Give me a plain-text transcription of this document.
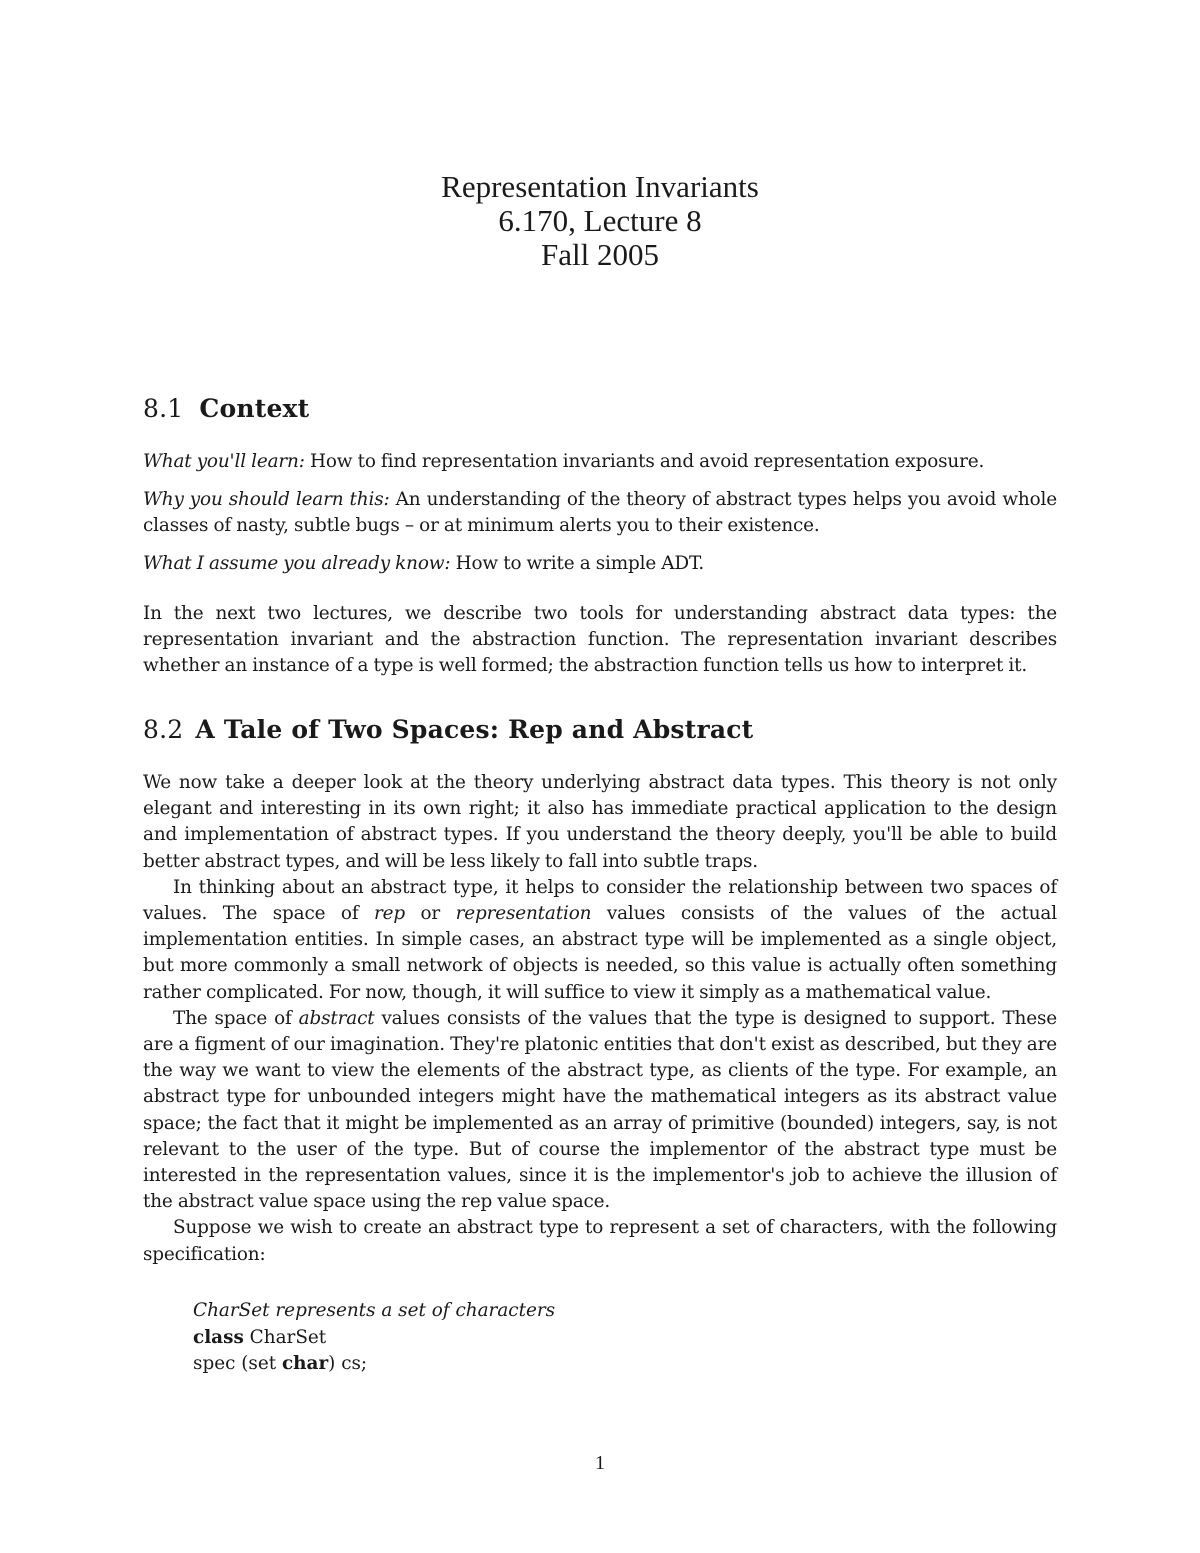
Representation Invariants
6.170, Lecture 8
Fall 2005
8.1 Context
What you'll learn: How to find representation invariants and avoid representation exposure.
Why you should learn this: An understanding of the theory of abstract types helps you avoid whole classes of nasty, subtle bugs – or at minimum alerts you to their existence.
What I assume you already know: How to write a simple ADT.
In the next two lectures, we describe two tools for understanding abstract data types: the representation invariant and the abstraction function. The representation invariant describes whether an instance of a type is well formed; the abstraction function tells us how to interpret it.
8.2 A Tale of Two Spaces: Rep and Abstract

We now take a deeper look at the theory underlying abstract data types. This theory is not only elegant and interesting in its own right; it also has immediate practical application to the design and implementation of abstract types. If you understand the theory deeply, you'll be able to build better abstract types, and will be less likely to fall into subtle traps.

In thinking about an abstract type, it helps to consider the relationship between two spaces of values. The space of rep or representation values consists of the values of the actual implementation entities. In simple cases, an abstract type will be implemented as a single object, but more commonly a small network of objects is needed, so this value is actually often something rather complicated. For now, though, it will suffice to view it simply as a mathematical value.

The space of abstract values consists of the values that the type is designed to support. These are a figment of our imagination. They're platonic entities that don't exist as described, but they are the way we want to view the elements of the abstract type, as clients of the type. For example, an abstract type for unbounded integers might have the mathematical integers as its abstract value space; the fact that it might be implemented as an array of primitive (bounded) integers, say, is not relevant to the user of the type. But of course the implementor of the abstract type must be interested in the representation values, since it is the implementor's job to achieve the illusion of the abstract value space using the rep value space.

Suppose we wish to create an abstract type to represent a set of characters, with the following specification:

CharSet represents a set of characters
class CharSet
spec (set char) cs;
1
